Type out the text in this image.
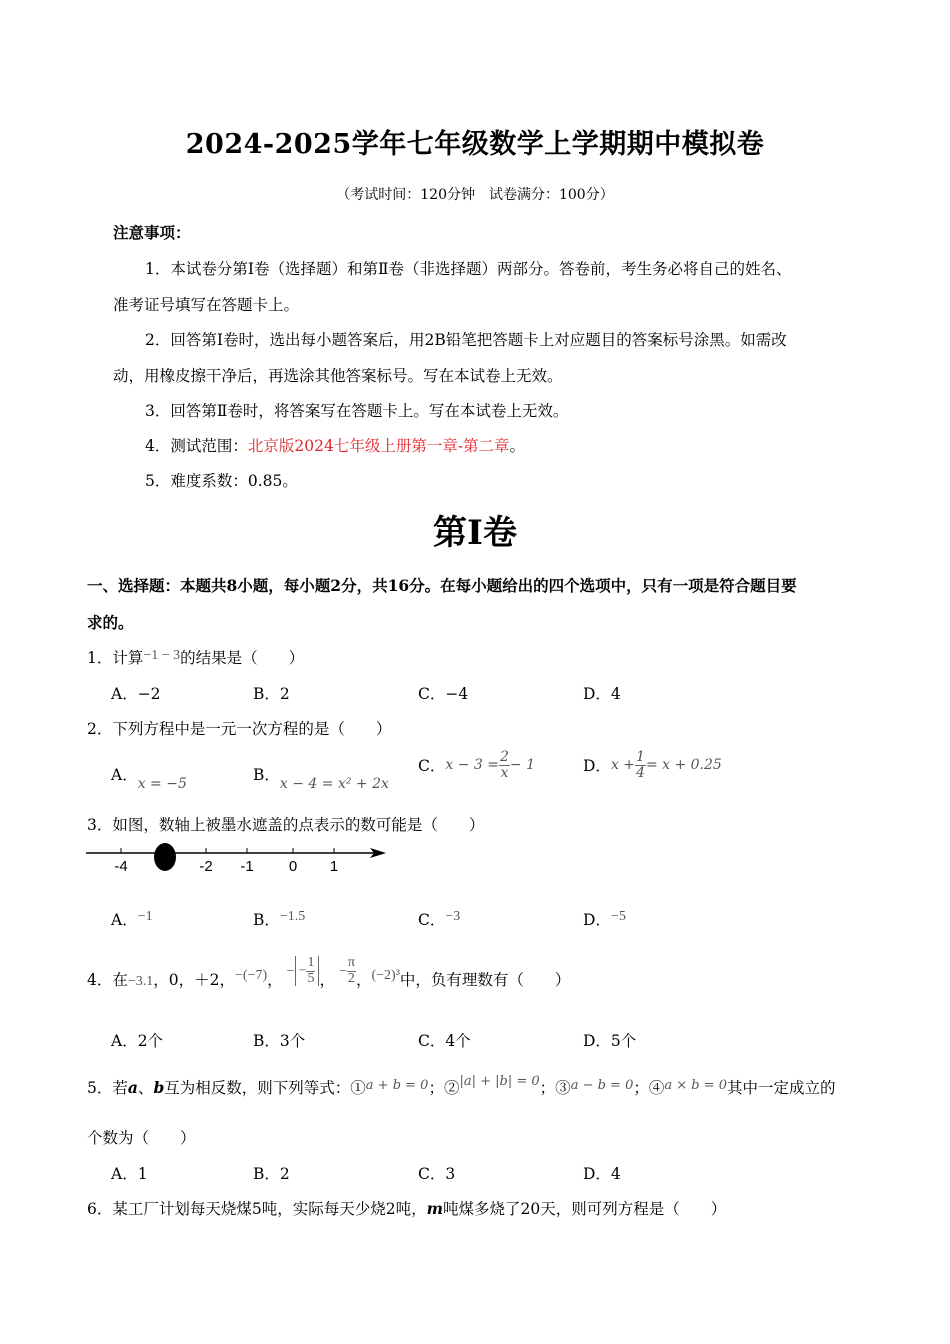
2024-2025学年七年级数学上学期期中模拟卷
（考试时间：120分钟　试卷满分：100分）
注意事项：
1．本试卷分第Ⅰ卷（选择题）和第Ⅱ卷（非选择题）两部分。答卷前，考生务必将自己的姓名、
准考证号填写在答题卡上。
2．回答第Ⅰ卷时，选出每小题答案后，用2B铅笔把答题卡上对应题目的答案标号涂黑。如需改
动，用橡皮擦干净后，再选涂其他答案标号。写在本试卷上无效。
3．回答第Ⅱ卷时，将答案写在答题卡上。写在本试卷上无效。
4．测试范围：北京版2024七年级上册第一章-第二章。
5．难度系数：0.85。
第Ⅰ卷
一、选择题：本题共8小题，每小题2分，共16分。在每小题给出的四个选项中，只有一项是符合题目要
求的。
1．计算−1 − 3的结果是（　　）
A．−2	B．2	C．−4	D．4
2．下列方程中是一元一次方程的是（　　）
A．x = −5	B．x − 4 = x² + 2x
C．$x - 3 = \frac{2}{x} - 1$	D．$x + \frac{1}{4} = x + 0.25$
3．如图，数轴上被墨水遮盖的点表示的数可能是（　　）
-4	-2 -1 0 1
A．−1	B．−1.5	C．−3	D．−5
4．在−3.1，0，＋2，−(−7)， − − $\frac{1}{5}$ ， − $\frac{\pi}{2}$ ，(−2)³中，负有理数有（　　）
A．2个	B．3个	C．4个	D．5个
5．若a、b互为相反数，则下列等式：①$^{a + b = 0}$；②$^{|a| + |b| = 0}$；③$^{a - b = 0}$；④$^{a \times b = 0}$其中一定成立的
个数为（　　）
A．1	B．2	C．3	D．4
6．某工厂计划每天烧煤5吨，实际每天少烧2吨，m吨煤多烧了20天，则可列方程是（　　）
